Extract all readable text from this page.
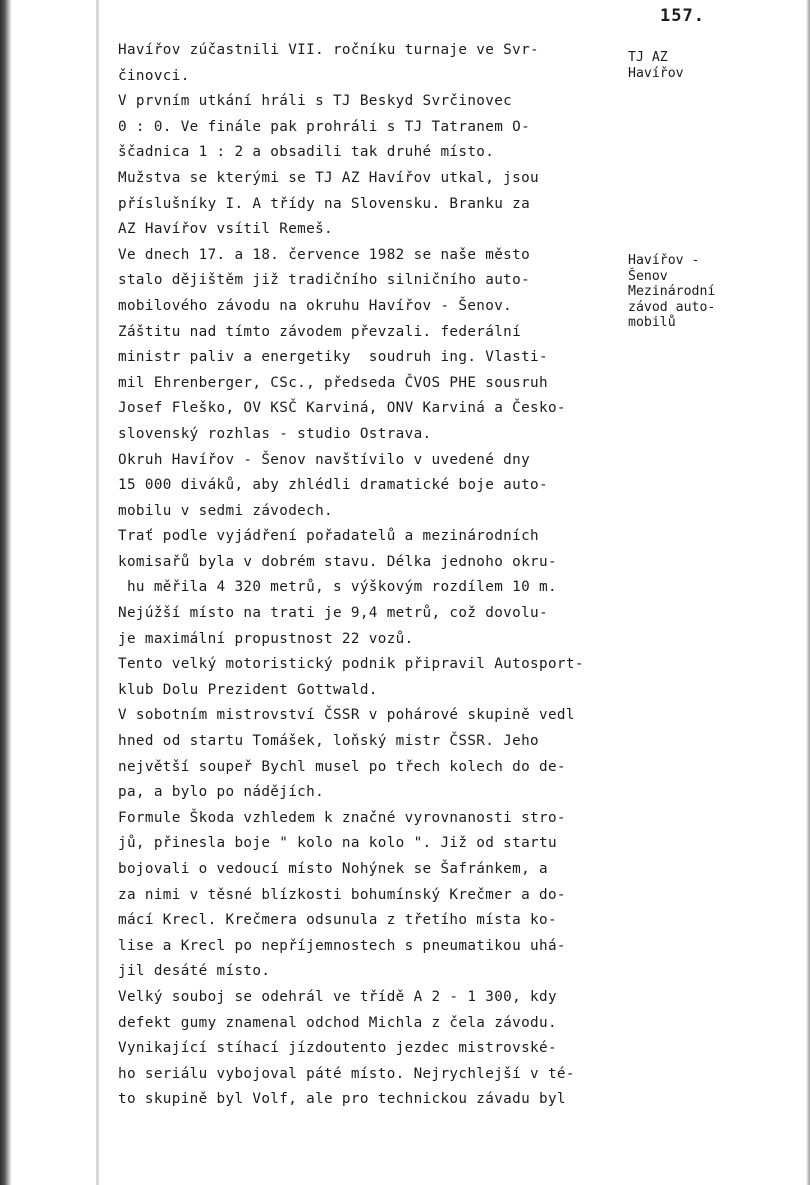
157.
Havířov zúčastnili VII. ročníku turnaje ve Svr-
činovci.
V prvním utkání hráli s TJ Beskyd Svrčinovec
0 : 0. Ve finále pak prohráli s TJ Tatranem O-
ščadnica 1 : 2 a obsadili tak druhé místo.
Mužstva se kterými se TJ AZ Havířov utkal, jsou
příslušníky I. A třídy na Slovensku. Branku za
AZ Havířov vsítil Remeš.
Ve dnech 17. a 18. července 1982 se naše město
stalo dějištěm již tradičního silničního auto-
mobilového závodu na okruhu Havířov - Šenov.
Záštitu nad tímto závodem převzali. federální
ministr paliv a energetiky  soudruh ing. Vlasti-
mil Ehrenberger, CSc., předseda ČVOS PHE sousruh
Josef Fleško, OV KSČ Karviná, ONV Karviná a Česko-
slovenský rozhlas - studio Ostrava.
Okruh Havířov - Šenov navštívilo v uvedené dny
15 000 diváků, aby zhlédli dramatické boje auto-
mobilu v sedmi závodech.
Trať podle vyjádření pořadatelů a mezinárodních
komisařů byla v dobrém stavu. Délka jednoho okru-
hu měřila 4 320 metrů, s výškovým rozdílem 10 m.
Nejúžší místo na trati je 9,4 metrů, což dovolu-
je maximální propustnost 22 vozů.
Tento velký motoristický podnik připravil Autosport-
klub Dolu Prezident Gottwald.
V sobotním mistrovství ČSSR v pohárové skupině vedl
hned od startu Tomášek, loňský mistr ČSSR. Jeho
největší soupeř Bychl musel po třech kolech do de-
pa, a bylo po nádějích.
Formule Škoda vzhledem k značné vyrovnanosti stro-
jů, přinesla boje " kolo na kolo ". Již od startu
bojovali o vedoucí místo Nohýnek se Šafránkem, a
za nimi v těsné blízkosti bohumínský Krečmer a do-
mácí Krecl. Krečmera odsunula z třetího místa ko-
lise a Krecl po nepříjemnostech s pneumatikou uhá-
jil desáté místo.
Velký souboj se odehrál ve třídě A 2 - 1 300, kdy
defekt gumy znamenal odchod Michla z čela závodu.
Vynikající stíhací jízdoutento jezdec mistrovské-
ho seriálu vybojoval páté místo. Nejrychlejší v té-
to skupině byl Volf, ale pro technickou závadu byl
TJ AZ
Havířov
Havířov -
Šenov
Mezinárodní
závod auto-
mobilů
